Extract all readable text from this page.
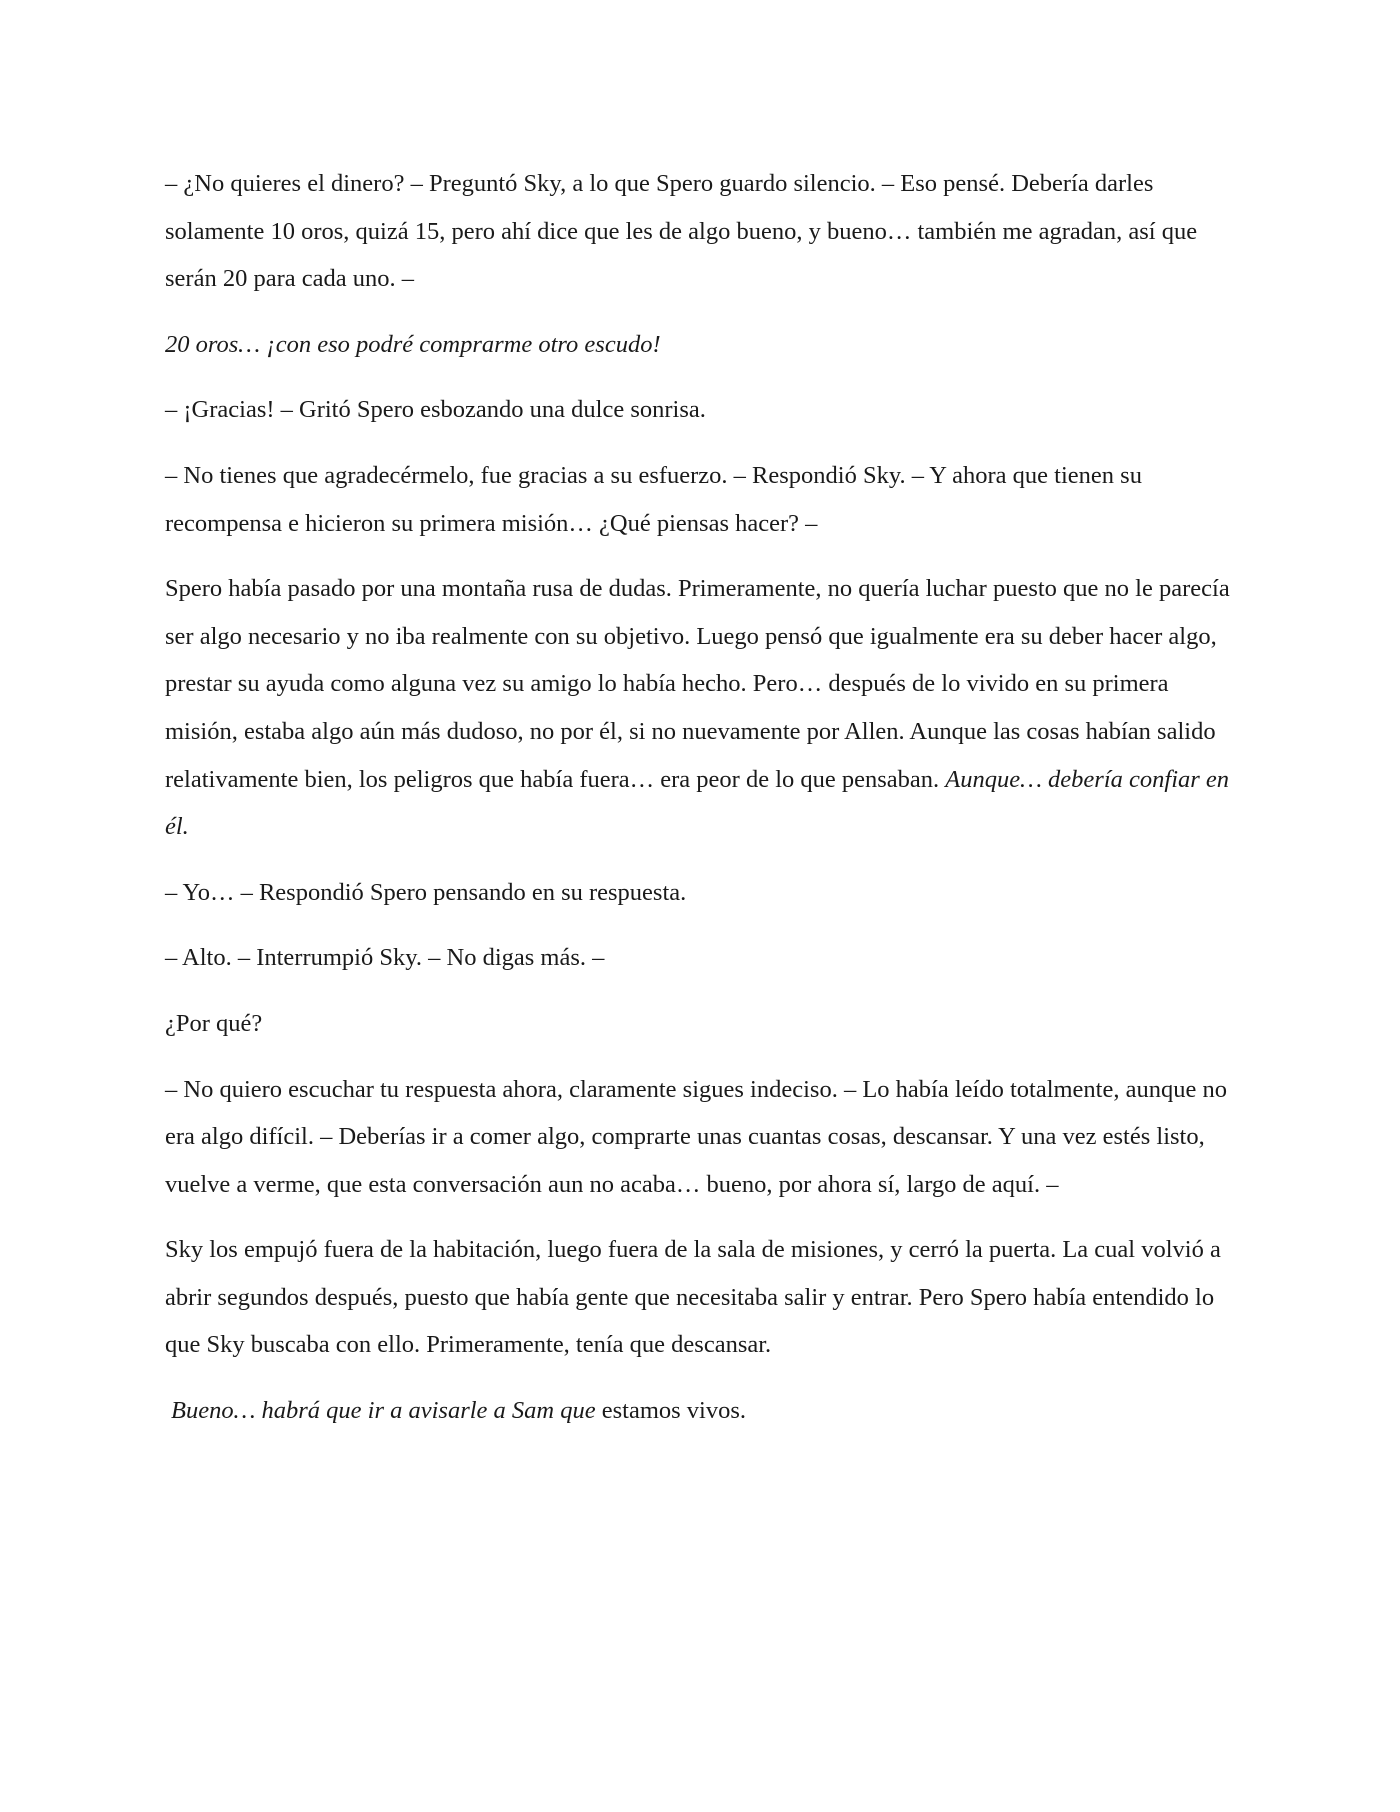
– ¿No quieres el dinero? – Preguntó Sky, a lo que Spero guardo silencio. – Eso pensé. Debería darles solamente 10 oros, quizá 15, pero ahí dice que les de algo bueno, y bueno… también me agradan, así que serán 20 para cada uno. –

20 oros… ¡con eso podré comprarme otro escudo!

– ¡Gracias! – Gritó Spero esbozando una dulce sonrisa.

– No tienes que agradecérmelo, fue gracias a su esfuerzo. – Respondió Sky. – Y ahora que tienen su recompensa e hicieron su primera misión… ¿Qué piensas hacer? –

Spero había pasado por una montaña rusa de dudas. Primeramente, no quería luchar puesto que no le parecía ser algo necesario y no iba realmente con su objetivo. Luego pensó que igualmente era su deber hacer algo, prestar su ayuda como alguna vez su amigo lo había hecho. Pero… después de lo vivido en su primera misión, estaba algo aún más dudoso, no por él, si no nuevamente por Allen. Aunque las cosas habían salido relativamente bien, los peligros que había fuera… era peor de lo que pensaban. Aunque… debería confiar en él.

– Yo… – Respondió Spero pensando en su respuesta.

– Alto. – Interrumpió Sky. – No digas más. –

¿Por qué?

– No quiero escuchar tu respuesta ahora, claramente sigues indeciso. – Lo había leído totalmente, aunque no era algo difícil. – Deberías ir a comer algo, comprarte unas cuantas cosas, descansar. Y una vez estés listo, vuelve a verme, que esta conversación aun no acaba… bueno, por ahora sí, largo de aquí. –

Sky los empujó fuera de la habitación, luego fuera de la sala de misiones, y cerró la puerta. La cual volvió a abrir segundos después, puesto que había gente que necesitaba salir y entrar. Pero Spero había entendido lo que Sky buscaba con ello. Primeramente, tenía que descansar.

Bueno… habrá que ir a avisarle a Sam que estamos vivos.
